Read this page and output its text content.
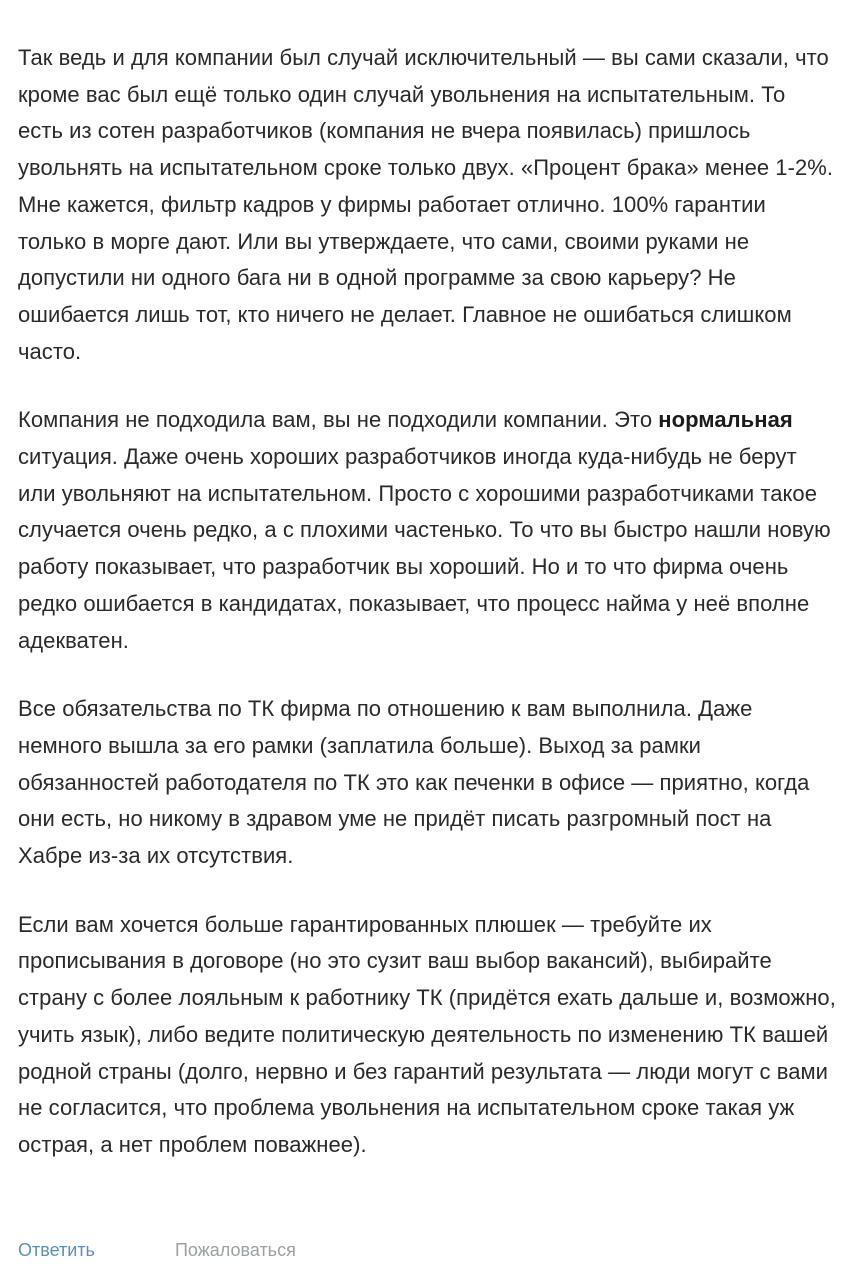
Так ведь и для компании был случай исключительный — вы сами сказали, что кроме вас был ещё только один случай увольнения на испытательным. То есть из сотен разработчиков (компания не вчера появилась) пришлось увольнять на испытательном сроке только двух. «Процент брака» менее 1-2%. Мне кажется, фильтр кадров у фирмы работает отлично. 100% гарантии только в морге дают. Или вы утверждаете, что сами, своими руками не допустили ни одного бага ни в одной программе за свою карьеру? Не ошибается лишь тот, кто ничего не делает. Главное не ошибаться слишком часто.

Компания не подходила вам, вы не подходили компании. Это нормальная ситуация. Даже очень хороших разработчиков иногда куда-нибудь не берут или увольняют на испытательном. Просто с хорошими разработчиками такое случается очень редко, а с плохими частенько. То что вы быстро нашли новую работу показывает, что разработчик вы хороший. Но и то что фирма очень редко ошибается в кандидатах, показывает, что процесс найма у неё вполне адекватен.

Все обязательства по ТК фирма по отношению к вам выполнила. Даже немного вышла за его рамки (заплатила больше). Выход за рамки обязанностей работодателя по ТК это как печенки в офисе — приятно, когда они есть, но никому в здравом уме не придёт писать разгромный пост на Хабре из-за их отсутствия.

Если вам хочется больше гарантированных плюшек — требуйте их прописывания в договоре (но это сузит ваш выбор вакансий), выбирайте страну с более лояльным к работнику ТК (придётся ехать дальше и, возможно, учить язык), либо ведите политическую деятельность по изменению ТК вашей родной страны (долго, нервно и без гарантий результата — люди могут с вами не согласится, что проблема увольнения на испытательном сроке такая уж острая, а нет проблем поважнее).

Ответить	Пожаловаться
